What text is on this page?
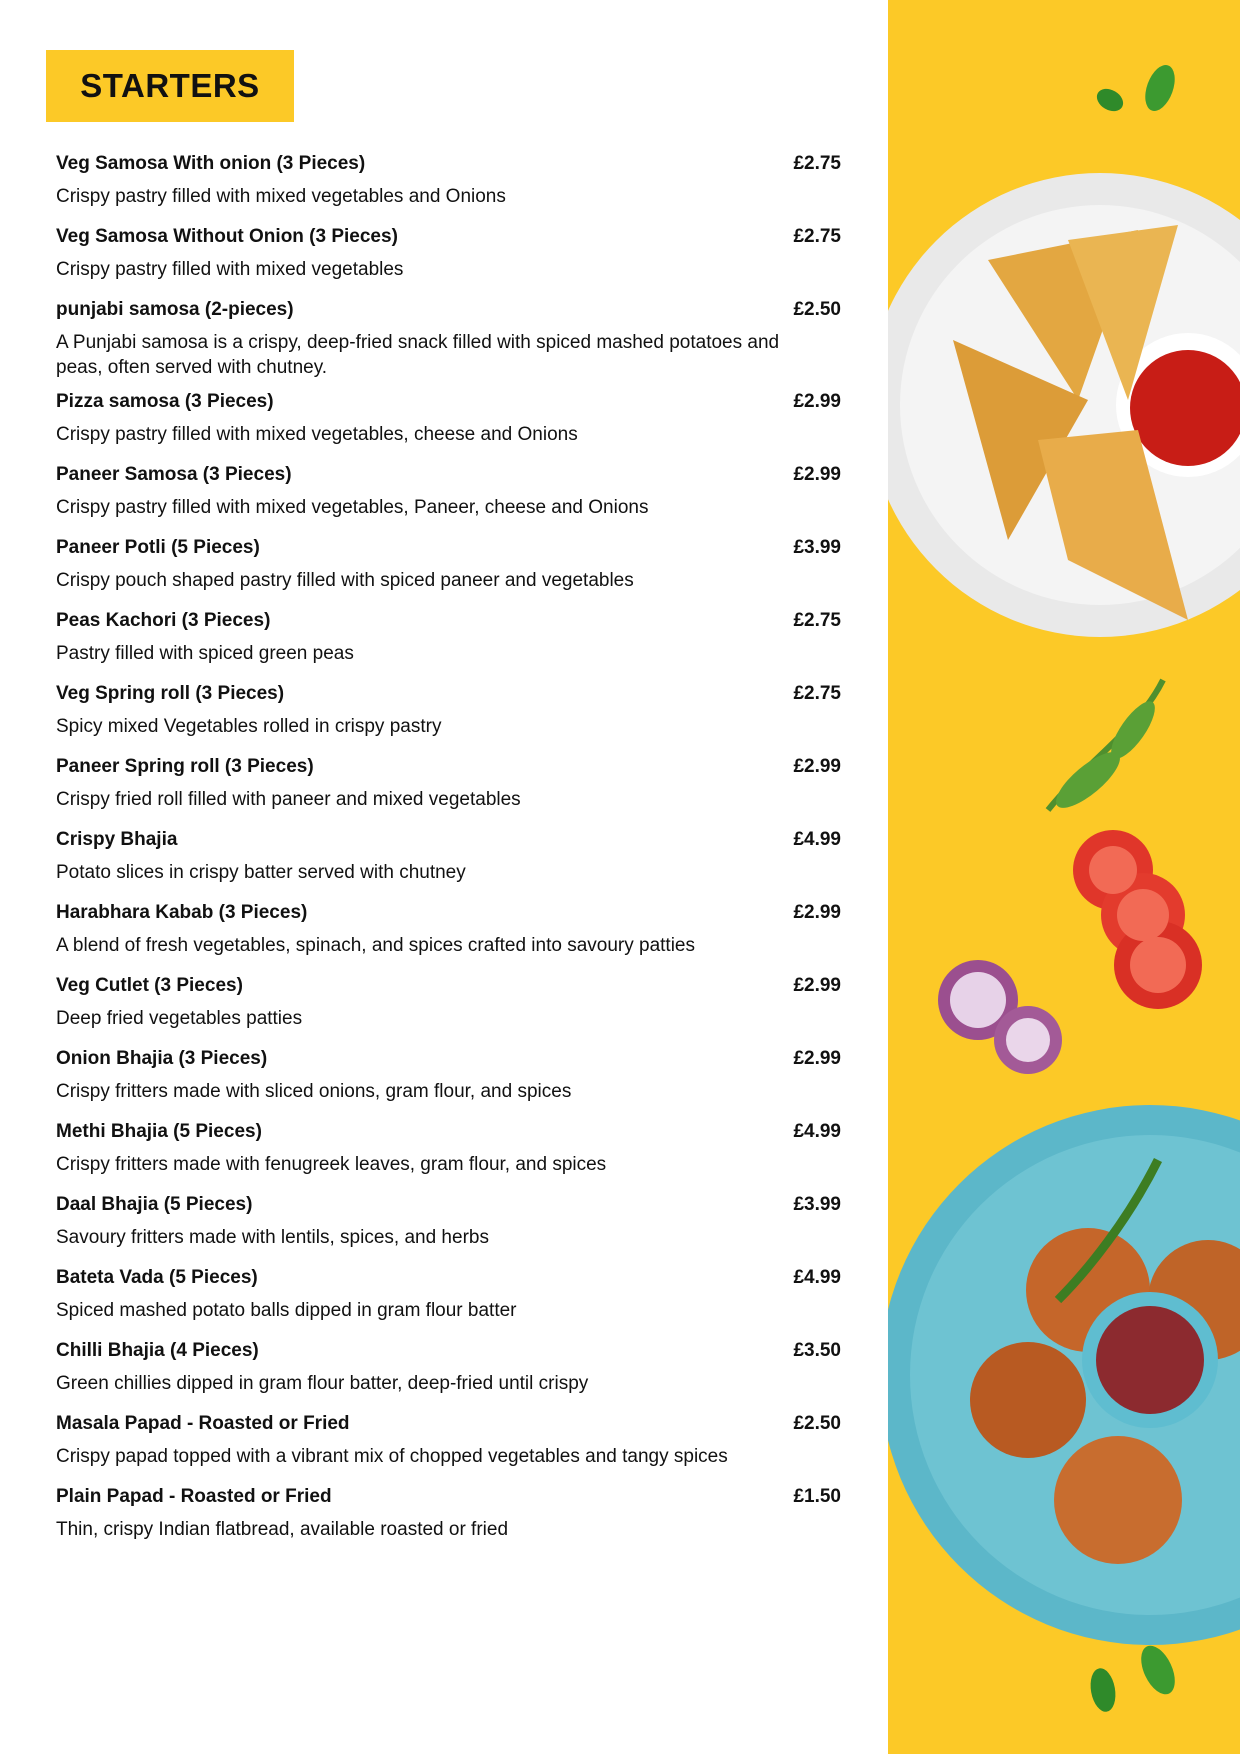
STARTERS
Veg Samosa With onion (3 Pieces)	£2.75
Crispy pastry filled with mixed vegetables and Onions
Veg Samosa Without Onion (3 Pieces)	£2.75
Crispy pastry filled with mixed vegetables
punjabi samosa (2-pieces)	£2.50
A Punjabi samosa is a crispy, deep-fried snack filled with spiced mashed potatoes and peas, often served with chutney.
Pizza samosa (3 Pieces)	£2.99
Crispy pastry filled with mixed vegetables, cheese and Onions
Paneer Samosa (3 Pieces)	£2.99
Crispy pastry filled with mixed vegetables, Paneer, cheese and Onions
Paneer Potli (5 Pieces)	£3.99
Crispy pouch shaped pastry filled with spiced paneer and vegetables
Peas Kachori (3 Pieces)	£2.75
Pastry filled with spiced green peas
Veg Spring roll (3 Pieces)	£2.75
Spicy mixed Vegetables rolled in crispy pastry
Paneer Spring roll (3 Pieces)	£2.99
Crispy fried roll filled with paneer and mixed vegetables
Crispy Bhajia	£4.99
Potato slices in crispy batter served with chutney
Harabhara Kabab (3 Pieces)	£2.99
A blend of fresh vegetables, spinach, and spices crafted into savoury patties
Veg Cutlet (3 Pieces)	£2.99
Deep fried vegetables patties
Onion Bhajia (3 Pieces)	£2.99
Crispy fritters made with sliced onions, gram flour, and spices
Methi Bhajia (5 Pieces)	£4.99
Crispy fritters made with fenugreek leaves, gram flour, and spices
Daal Bhajia (5 Pieces)	£3.99
Savoury fritters made with lentils, spices, and herbs
Bateta Vada (5 Pieces)	£4.99
Spiced mashed potato balls dipped in gram flour batter
Chilli Bhajia (4 Pieces)	£3.50
Green chillies dipped in gram flour batter, deep-fried until crispy
Masala Papad - Roasted or Fried	£2.50
Crispy papad topped with a vibrant mix of chopped vegetables and tangy spices
Plain Papad - Roasted or Fried	£1.50
Thin, crispy Indian flatbread, available roasted or fried
